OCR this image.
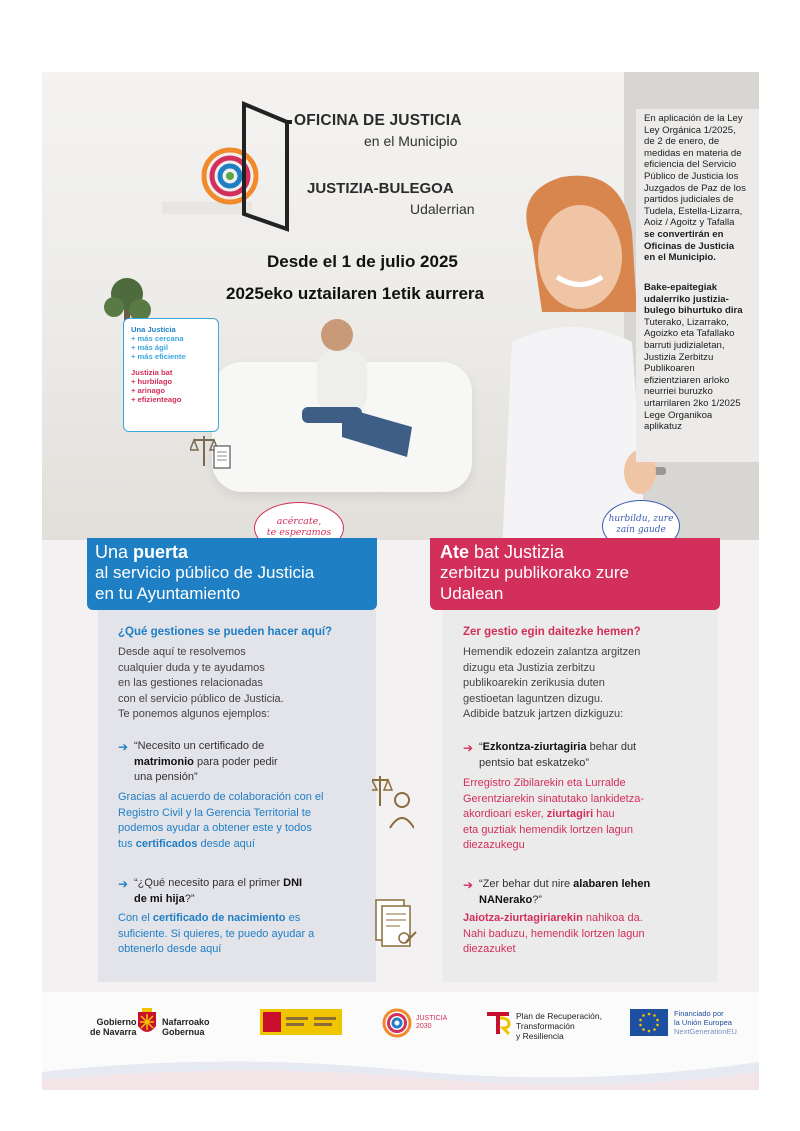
OFICINA DE JUSTICIA

en el Municipio

JUSTIZIA-BULEGOA

Udalerrian

Desde el 1 de julio 2025

2025eko uztailaren 1etik aurrera

En aplicación de la Ley
Ley Orgánica 1/2025,
de 2 de enero, de
medidas en materia de
eficiencia del Servicio
Público de Justicia los
Juzgados de Paz de los
partidos judiciales de
Tudela, Estella-Lizarra,
Aoiz / Agoitz y Tafalla
se convertirán en
Oficinas de Justicia
en el Municipio.
Bake-epaitegiak
udalerriko justizia-
bulego bihurtuko dira
Tuterako, Lizarrako,
Agoizko eta Tafallako
barruti judizialetan,
Justizia Zerbitzu
Publikoaren
efizientziaren arloko
neurriei buruzko
urtarrilaren 2ko 1/2025
Lege Organikoa
aplikatuz
Una Justicia
+ más cercana
+ más ágil
+ más eficiente
Justizia bat
+ hurbilago
+ arinago
+ efizienteago
acércate,
te esperamos
hurbildu, zure
zain gaude
Una puerta
al servicio público de Justicia
en tu Ayuntamiento
Ate bat Justizia
zerbitzu publikorako zure
Udalean
¿Qué gestiones se pueden hacer aquí?
Desde aquí te resolvemos
cualquier duda y te ayudamos
en las gestiones relacionadas
con el servicio público de Justicia.
Te ponemos algunos ejemplos:
➔ “Necesito un certificado de
matrimonio para poder pedir
una pensión”
Gracias al acuerdo de colaboración con el
Registro Civil y la Gerencia Territorial te
podemos ayudar a obtener este y todos
tus certificados desde aquí
➔ “¿Qué necesito para el primer DNI
de mi hija?”
Con el certificado de nacimiento es
suficiente. Si quieres, te puedo ayudar a
obtenerlo desde aquí
Zer gestio egin daitezke hemen?
Hemendik edozein zalantza argitzen
dizugu eta Justizia zerbitzu
publikoarekin zerikusia duten
gestioetan laguntzen dizugu.
Adibide batzuk jartzen dizkiguzu:
➔ “Ezkontza-ziurtagiria behar dut
pentsio bat eskatzeko”
Erregistro Zibilarekin eta Lurralde
Gerentziarekin sinatutako lankidetza-
akordioari esker, ziurtagiri hau
eta guztiak hemendik lortzen lagun
diezazukegu
➔ “Zer behar dut nire alabaren lehen
NANerako?”
Jaiotza-ziurtagiriarekin nahikoa da.
Nahi baduzu, hemendik lortzen lagun
diezazuket
Gobierno
de Navarra
Nafarroako
Gobernua
JUSTICIA
2030
Plan de Recuperación,
Transformación
y Resiliencia
Financiado por
la Unión Europea
NextGenerationEU
